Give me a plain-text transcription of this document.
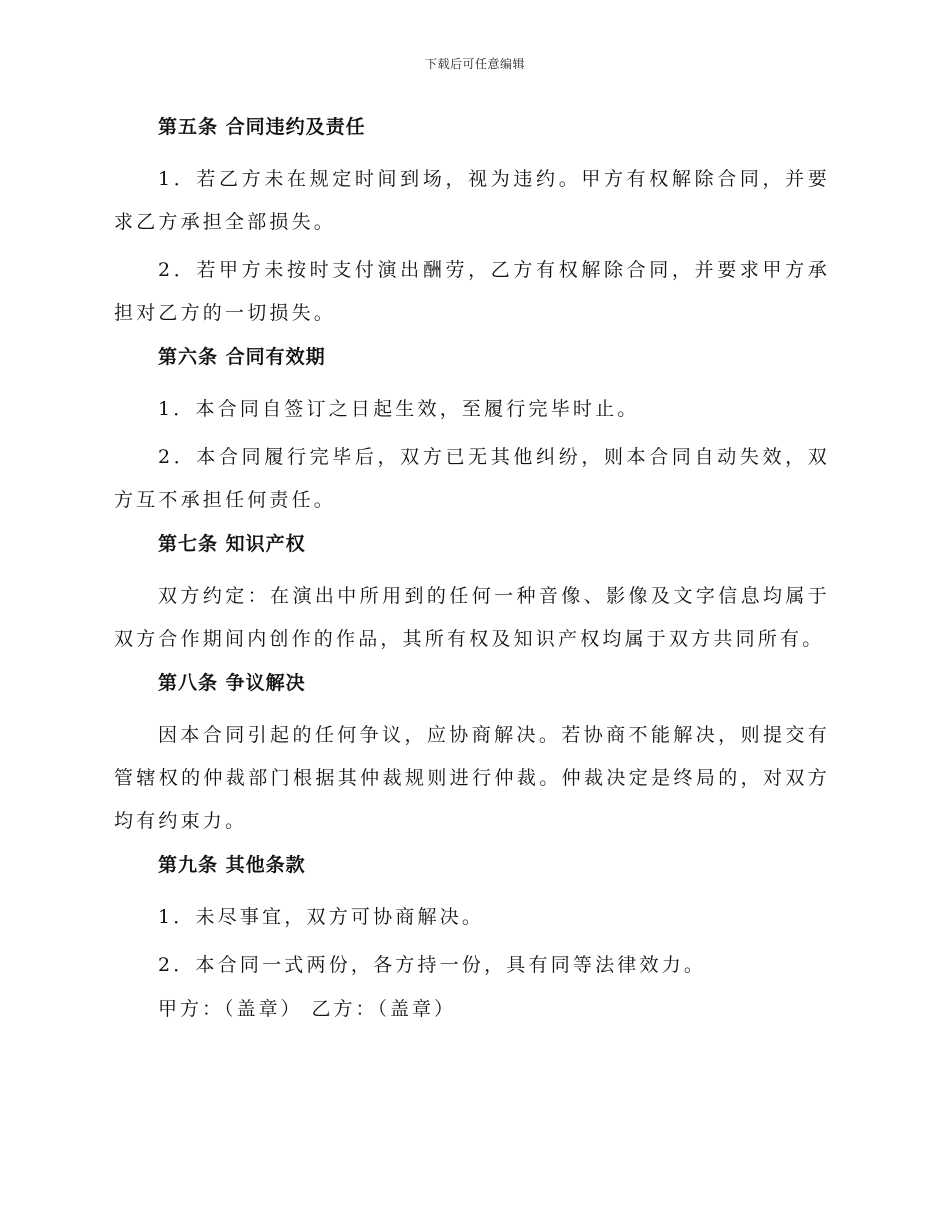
下载后可任意编辑
第五条 合同违约及责任

1．若乙方未在规定时间到场，视为违约。甲方有权解除合同，并要求乙方承担全部损失。

2．若甲方未按时支付演出酬劳，乙方有权解除合同，并要求甲方承担对乙方的一切损失。

第六条 合同有效期

1．本合同自签订之日起生效，至履行完毕时止。

2．本合同履行完毕后，双方已无其他纠纷，则本合同自动失效，双方互不承担任何责任。

第七条 知识产权

双方约定：在演出中所用到的任何一种音像、影像及文字信息均属于双方合作期间内创作的作品，其所有权及知识产权均属于双方共同所有。

第八条 争议解决

因本合同引起的任何争议，应协商解决。若协商不能解决，则提交有管辖权的仲裁部门根据其仲裁规则进行仲裁。仲裁决定是终局的，对双方均有约束力。

第九条 其他条款

1．未尽事宜，双方可协商解决。

2．本合同一式两份，各方持一份，具有同等法律效力。

甲方：（盖章） 乙方：（盖章）
